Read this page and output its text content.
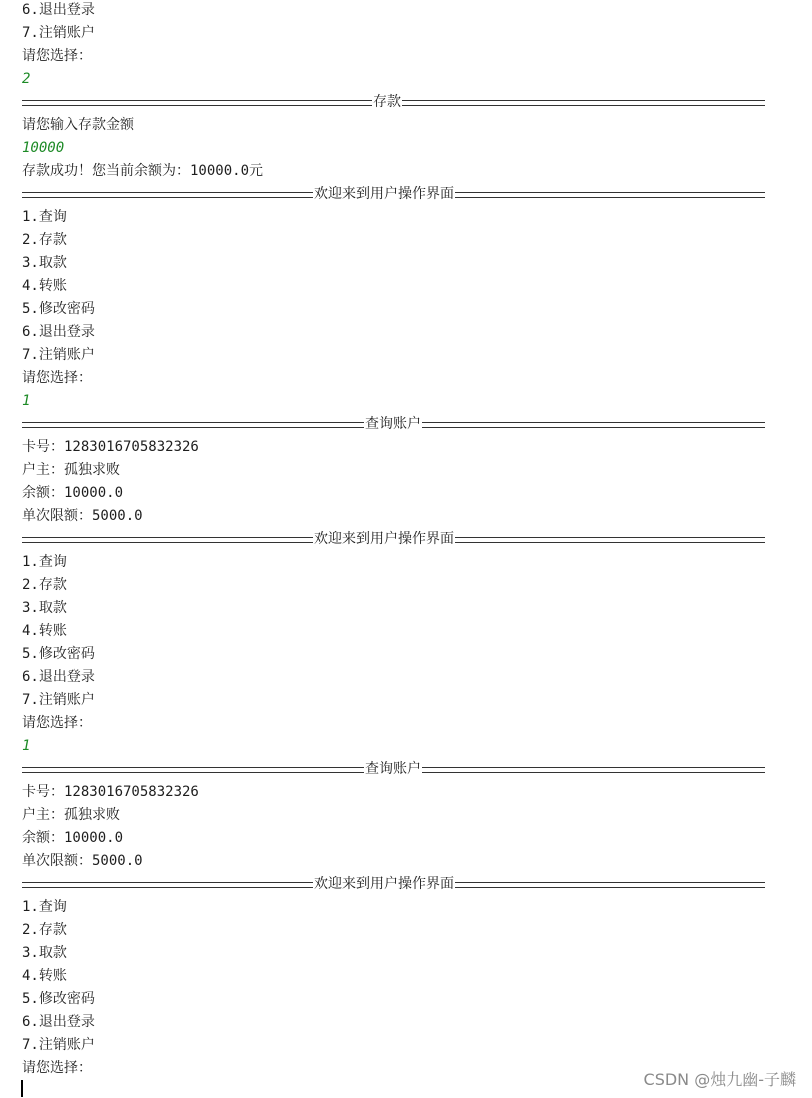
6.退出登录
7.注销账户
请您选择：
2
存款
请您输入存款金额
10000
存款成功！您当前余额为：10000.0元
欢迎来到用户操作界面
1.查询
2.存款
3.取款
4.转账
5.修改密码
6.退出登录
7.注销账户
请您选择：
1
查询账户
卡号：1283016705832326
户主：孤独求败
余额：10000.0
单次限额：5000.0
欢迎来到用户操作界面
1.查询
2.存款
3.取款
4.转账
5.修改密码
6.退出登录
7.注销账户
请您选择：
1
查询账户
卡号：1283016705832326
户主：孤独求败
余额：10000.0
单次限额：5000.0
欢迎来到用户操作界面
1.查询
2.存款
3.取款
4.转账
5.修改密码
6.退出登录
7.注销账户
请您选择：
CSDN @烛九幽-子麟
